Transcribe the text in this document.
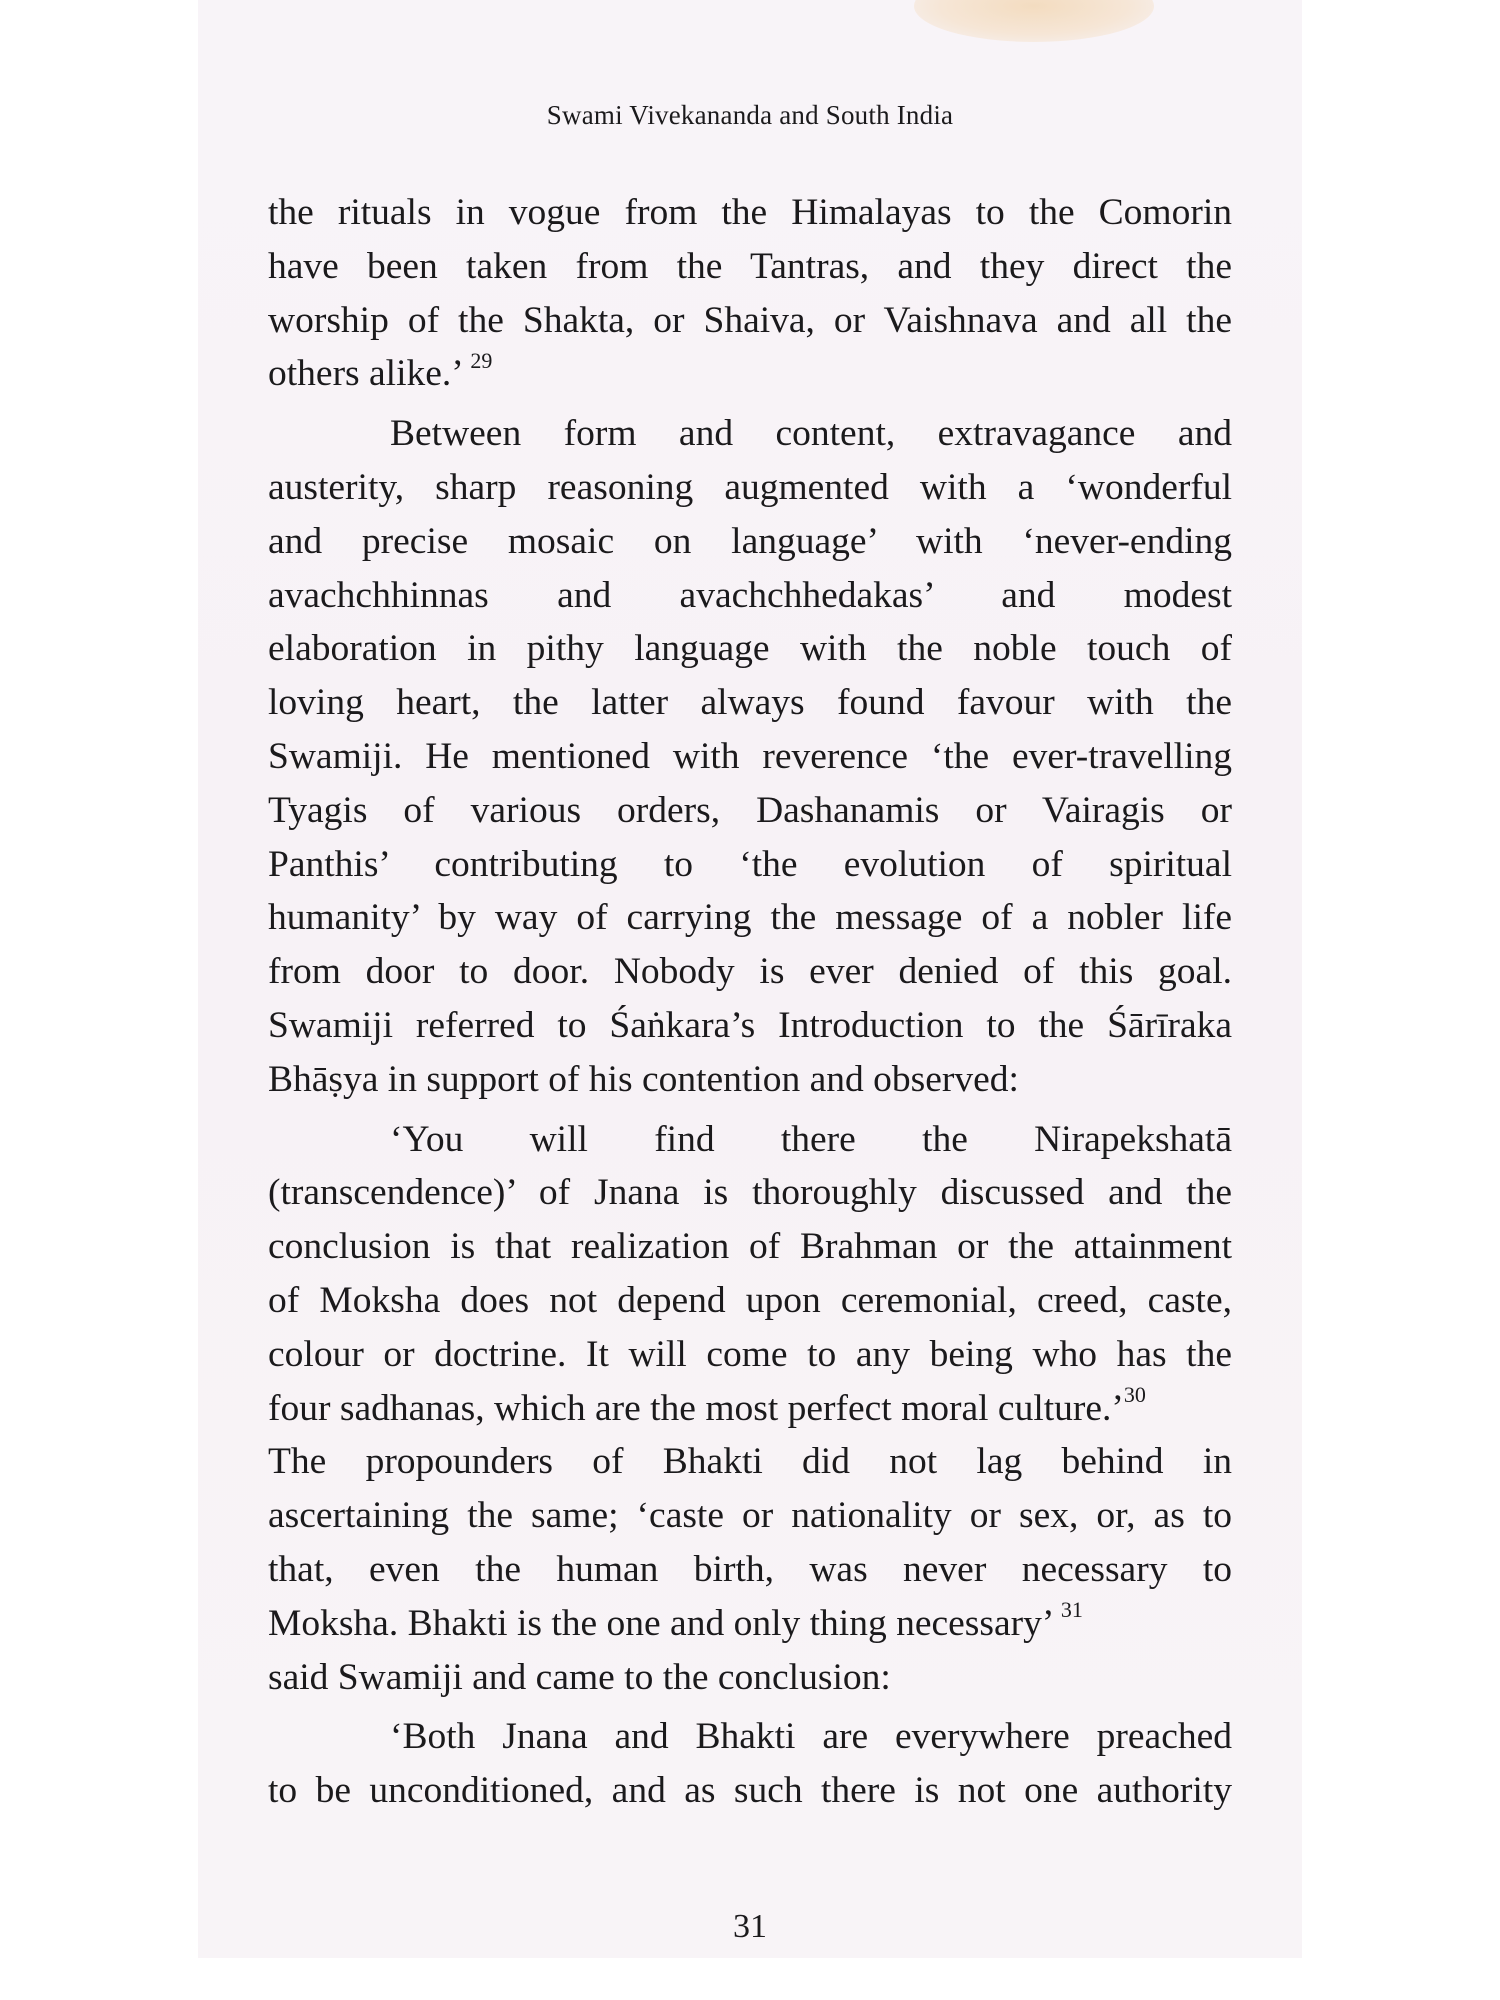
Swami Vivekananda and South India

the rituals in vogue from the Himalayas to the Comorin

have been taken from the Tantras, and they direct the

worship of the Shakta, or Shaiva, or Vaishnava and all the

others alike.’ $^{29}$

Between form and content, extravagance and

austerity, sharp reasoning augmented with a ‘wonderful

and precise mosaic on language’ with ‘never-ending

avachchhinnas and avachchhedakas’ and modest

elaboration in pithy language with the noble touch of

loving heart, the latter always found favour with the

Swamiji. He mentioned with reverence ‘the ever-travelling

Tyagis of various orders, Dashanamis or Vairagis or

Panthis’ contributing to ‘the evolution of spiritual

humanity’ by way of carrying the message of a nobler life

from door to door. Nobody is ever denied of this goal.

Swamiji referred to Śaṅkara’s Introduction to the Śārīraka

Bhāṣya in support of his contention and observed:

‘You will find there the Nirapekshatā

(transcendence)’ of Jnana is thoroughly discussed and the

conclusion is that realization of Brahman or the attainment

of Moksha does not depend upon ceremonial, creed, caste,

colour or doctrine. It will come to any being who has the

four sadhanas, which are the most perfect moral culture.’$^{30}$

The propounders of Bhakti did not lag behind in

ascertaining the same; ‘caste or nationality or sex, or, as to

that, even the human birth, was never necessary to

Moksha. Bhakti is the one and only thing necessary’ $^{31}$

said Swamiji and came to the conclusion:

‘Both Jnana and Bhakti are everywhere preached

to be unconditioned, and as such there is not one authority

31
